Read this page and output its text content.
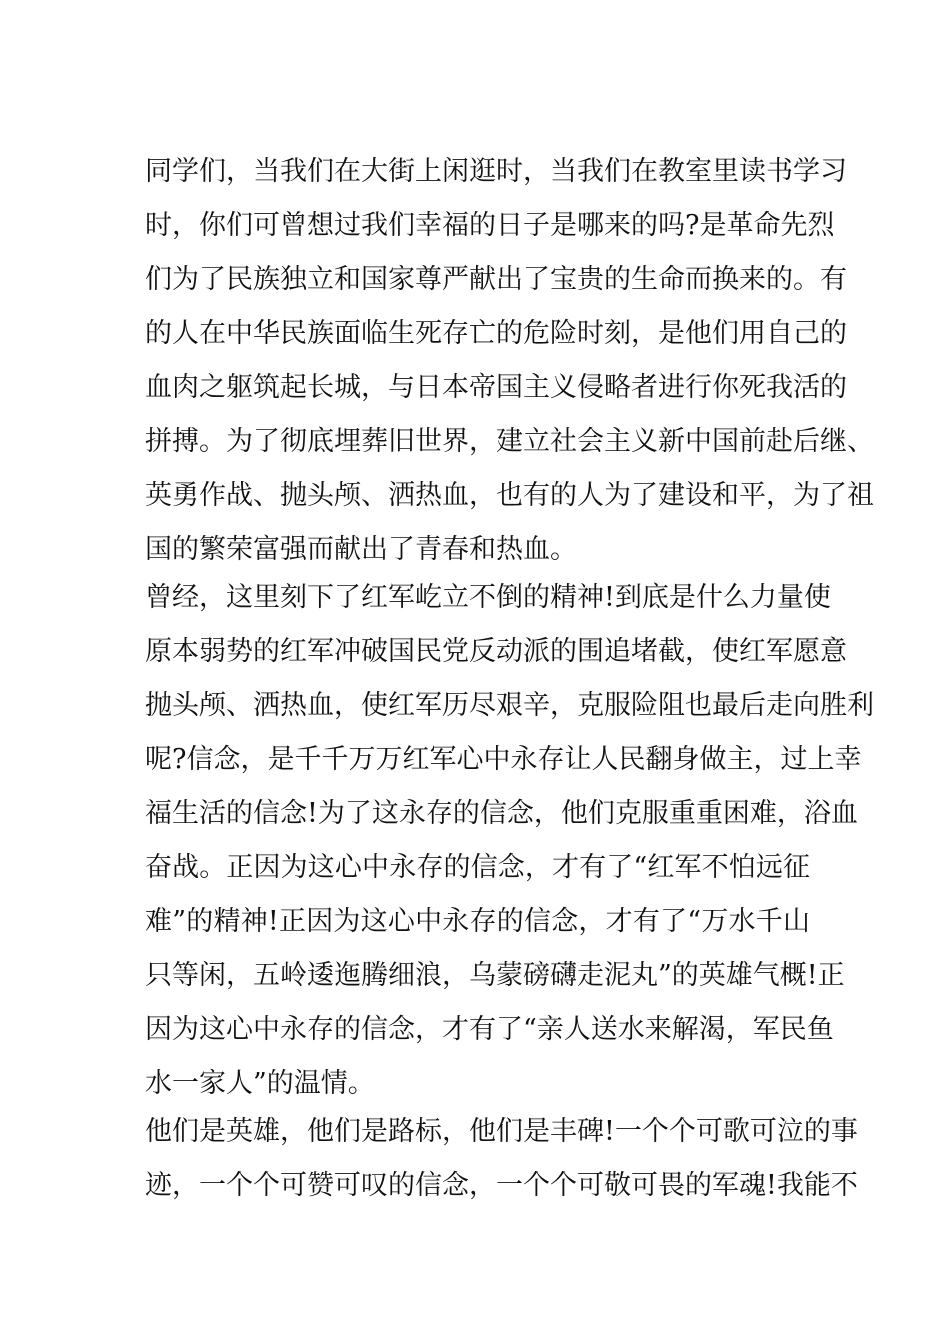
同学们，当我们在大街上闲逛时，当我们在教室里读书学习
时，你们可曾想过我们幸福的日子是哪来的吗?是革命先烈
们为了民族独立和国家尊严献出了宝贵的生命而换来的。有
的人在中华民族面临生死存亡的危险时刻，是他们用自己的
血肉之躯筑起长城，与日本帝国主义侵略者进行你死我活的
拼搏。为了彻底埋葬旧世界，建立社会主义新中国前赴后继、
英勇作战、抛头颅、洒热血，也有的人为了建设和平，为了祖
国的繁荣富强而献出了青春和热血。
曾经，这里刻下了红军屹立不倒的精神!到底是什么力量使
原本弱势的红军冲破国民党反动派的围追堵截，使红军愿意
抛头颅、洒热血，使红军历尽艰辛，克服险阻也最后走向胜利
呢?信念，是千千万万红军心中永存让人民翻身做主，过上幸
福生活的信念!为了这永存的信念，他们克服重重困难，浴血
奋战。正因为这心中永存的信念，才有了“红军不怕远征
难”的精神!正因为这心中永存的信念，才有了“万水千山
只等闲，五岭逶迤腾细浪，乌蒙磅礴走泥丸”的英雄气概!正
因为这心中永存的信念，才有了“亲人送水来解渴，军民鱼
水一家人”的温情。
他们是英雄，他们是路标，他们是丰碑!一个个可歌可泣的事
迹，一个个可赞可叹的信念，一个个可敬可畏的军魂!我能不
